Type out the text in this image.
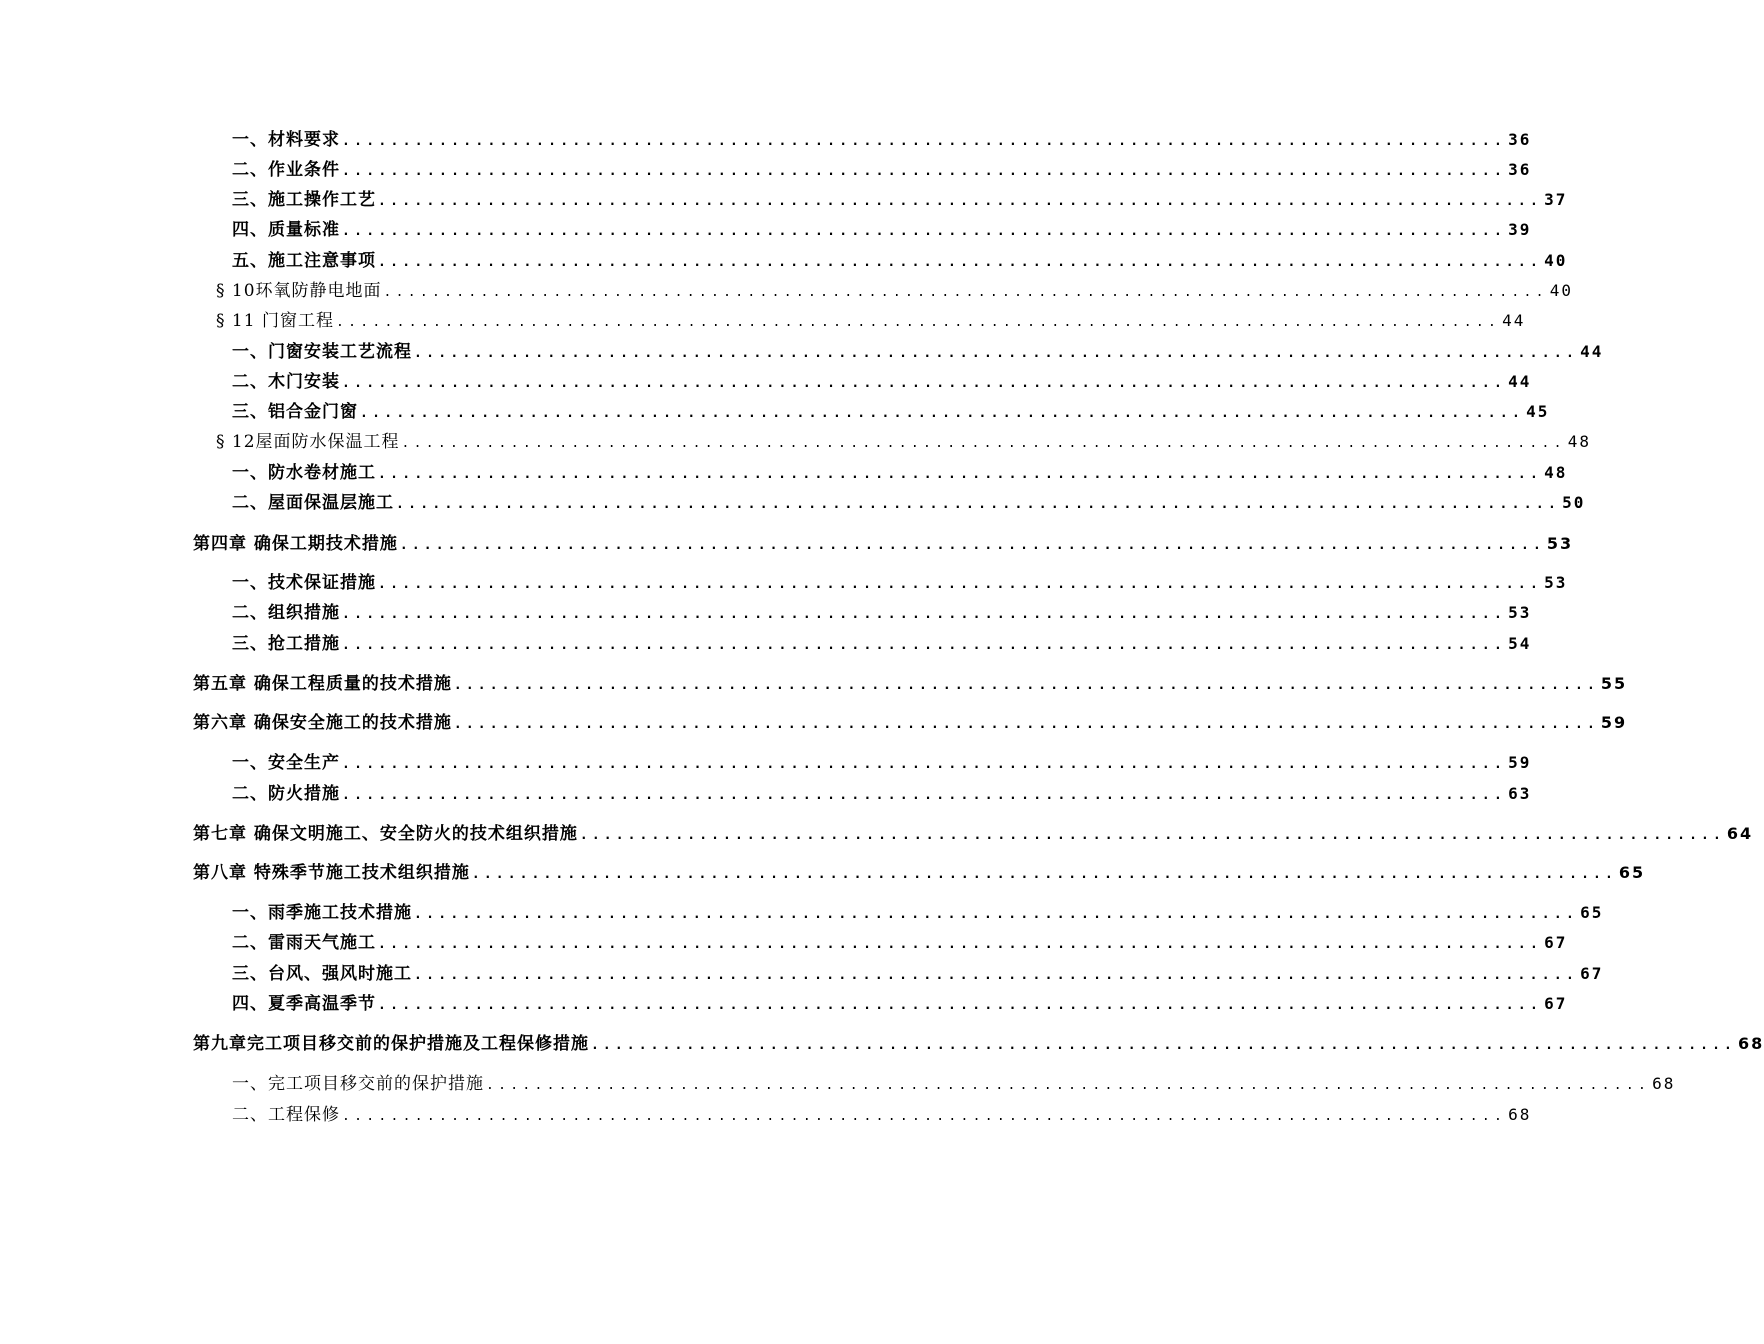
一、材料要求 ................................................................................................ 36
二、作业条件 ................................................................................................ 36
三、施工操作工艺 ................................................................................................ 37
四、质量标准 ................................................................................................ 39
五、施工注意事项 ................................................................................................ 40
§ 10环氧防静电地面 ................................................................................................ 40
§ 11 门窗工程 ................................................................................................ 44
一、门窗安装工艺流程 ................................................................................................ 44
二、木门安装 ................................................................................................ 44
三、铝合金门窗 ................................................................................................ 45
§ 12屋面防水保温工程 ................................................................................................ 48
一、防水卷材施工 ................................................................................................ 48
二、屋面保温层施工 ................................................................................................ 50
第四章 确保工期技术措施 ................................................................................................ 53
一、技术保证措施 ................................................................................................ 53
二、组织措施 ................................................................................................ 53
三、抢工措施 ................................................................................................ 54
第五章 确保工程质量的技术措施 ................................................................................................ 55
第六章 确保安全施工的技术措施 ................................................................................................ 59
一、安全生产 ................................................................................................ 59
二、防火措施 ................................................................................................ 63
第七章 确保文明施工、安全防火的技术组织措施 ................................................................................................ 64
第八章 特殊季节施工技术组织措施 ................................................................................................ 65
一、雨季施工技术措施 ................................................................................................ 65
二、雷雨天气施工 ................................................................................................ 67
三、台风、强风时施工 ................................................................................................ 67
四、夏季高温季节 ................................................................................................ 67
第九章完工项目移交前的保护措施及工程保修措施 ................................................................................................ 68
一、完工项目移交前的保护措施 ................................................................................................ 68
二、工程保修 ................................................................................................ 68
